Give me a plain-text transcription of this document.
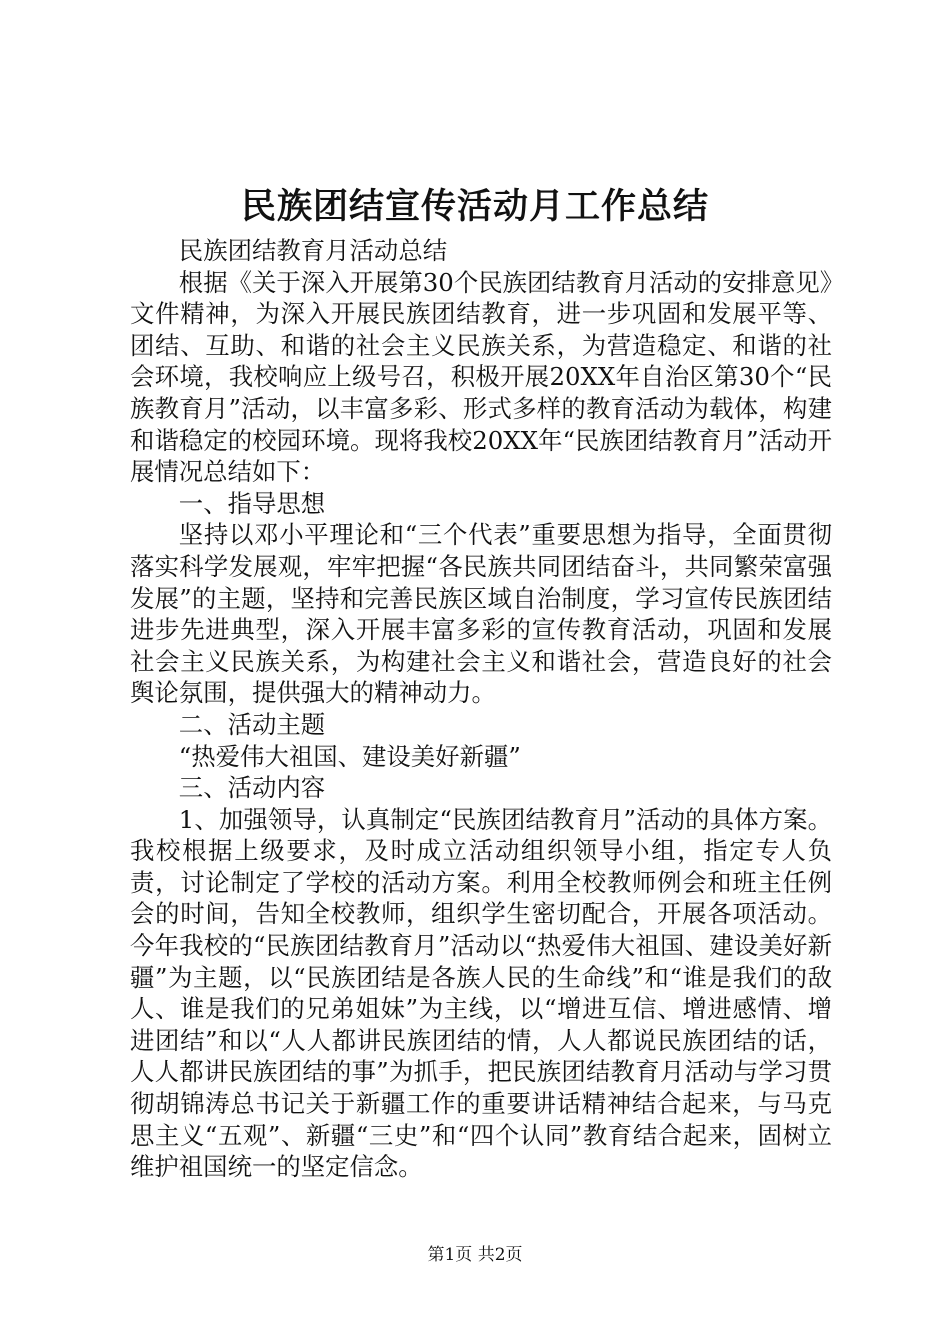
民族团结宣传活动月工作总结

民族团结教育月活动总结

根据《关于深入开展第30个民族团结教育月活动的安排意见》文件精神，为深入开展民族团结教育，进一步巩固和发展平等、团结、互助、和谐的社会主义民族关系，为营造稳定、和谐的社会环境，我校响应上级号召，积极开展20XX年自治区第30个“民族教育月”活动，以丰富多彩、形式多样的教育活动为载体，构建和谐稳定的校园环境。现将我校20XX年“民族团结教育月”活动开展情况总结如下：

一、指导思想

坚持以邓小平理论和“三个代表”重要思想为指导，全面贯彻落实科学发展观，牢牢把握“各民族共同团结奋斗，共同繁荣富强发展”的主题，坚持和完善民族区域自治制度，学习宣传民族团结进步先进典型，深入开展丰富多彩的宣传教育活动，巩固和发展社会主义民族关系，为构建社会主义和谐社会，营造良好的社会舆论氛围，提供强大的精神动力。

二、活动主题

“热爱伟大祖国、建设美好新疆”

三、活动内容

1、加强领导，认真制定“民族团结教育月”活动的具体方案。我校根据上级要求，及时成立活动组织领导小组，指定专人负责，讨论制定了学校的活动方案。利用全校教师例会和班主任例会的时间，告知全校教师，组织学生密切配合，开展各项活动。今年我校的“民族团结教育月”活动以“热爱伟大祖国、建设美好新疆”为主题，以“民族团结是各族人民的生命线”和“谁是我们的敌人、谁是我们的兄弟姐妹”为主线，以“增进互信、增进感情、增进团结”和以“人人都讲民族团结的情，人人都说民族团结的话，人人都讲民族团结的事”为抓手，把民族团结教育月活动与学习贯彻胡锦涛总书记关于新疆工作的重要讲话精神结合起来，与马克思主义“五观”、新疆“三史”和“四个认同”教育结合起来，固树立维护祖国统一的坚定信念。

第1页 共2页
